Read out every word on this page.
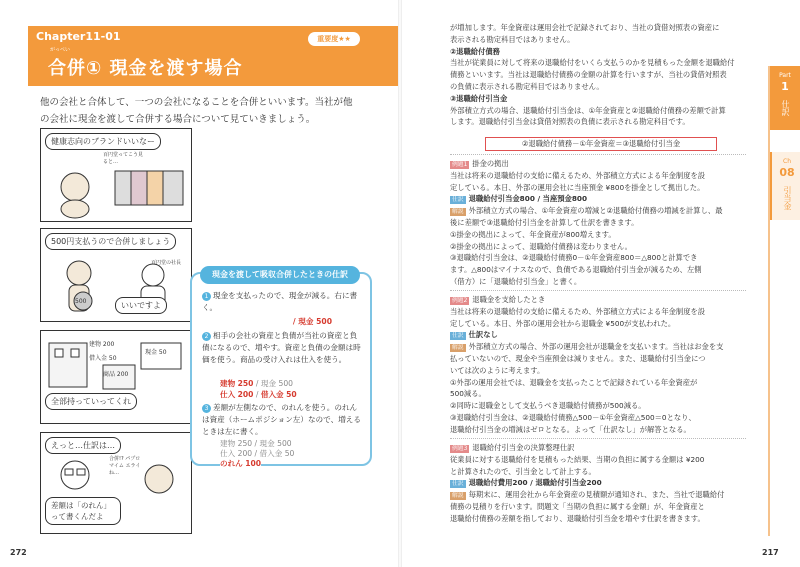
Chapter11-01	重要度★★
がっぺい
合併① 現金を渡す場合
他の会社と合体して、一つの会社になることを合併といいます。当社が他
の会社に現金を渡して合併する場合について見ていきましょう。
健康志向のブランドいいなー
百円堂ってこう見ると…
500円支払うので合併しましょう
500
百円堂の社長
いいですよ
建物 200
借入金 50
商品 200
現金 50
全部持っていってくれ
えっと…仕訳は…
合併!? パプロマイム エライね…
差額は「のれん」って書くんだよ
現金を渡して吸収合併したときの仕訳
1 現金を支払ったので、現金が減る。右に書く。
/ 現金 500
2 相手の会社の資産と負債が当社の資産と負債になるので、増やす。資産と負債の金額は時価を使う。商品の受け入れは仕入を使う。
建物 250 / 現金 500
仕入 200 / 借入金 50
3 差額が左側なので、のれんを使う。のれんは資産（ホームポジション左）なので、増えるときは左に書く。
建物 250 / 現金 500
仕入 200 / 借入金 50
のれん 100
272
が増加します。年金資産は運用会社で記録されており、当社の貸借対照表の資産に
表示される勘定科目ではありません。
②退職給付債務
当社が従業員に対して将来の退職給付をいくら支払うのかを見積もった金額を退職給付
債務といいます。当社は退職給付債務の金額の計算を行いますが、当社の貸借対照表
の負債に表示される勘定科目ではありません。
③退職給付引当金
外部積立方式の場合、退職給付引当金は、①年金資産と②退職給付債務の差額で計算
します。退職給付引当金は貸借対照表の負債に表示される勘定科目です。
②退職給付債務－①年金資産＝③退職給付引当金
例題1 掛金の拠出
当社は将来の退職給付の支給に備えるため、外部積立方式による年金制度を設
定している。本日、外部の運用会社に当座預金 ¥800を掛金として拠出した。
仕訳 退職給付引当金800 / 当座預金800
解説 外部積立方式の場合、①年金資産の増減と②退職給付債務の増減を計算し、最
後に差額で③退職給付引当金を計算して仕訳を書きます。
①掛金の拠出によって、年金資産が800増えます。
②掛金の拠出によって、退職給付債務は変わりません。
③退職給付引当金は、②退職給付債務0－①年金資産800＝△800と計算でき
ます。△800はマイナスなので、負債である退職給付引当金が減るため、左側
（借方）に「退職給付引当金」と書く。
例題2 退職金を支給したとき
当社は将来の退職給付の支給に備えるため、外部積立方式による年金制度を設
定している。本日、外部の運用会社から退職金 ¥500が支払われた。
仕訳 仕訳なし
解説 外部積立方式の場合、外部の運用会社が退職金を支払います。当社はお金を支
払っていないので、現金や当座預金は減りません。また、退職給付引当金につ
いては次のように考えます。
①外部の運用会社では、退職金を支払ったことで記録されている年金資産が
500減る。
②同時に退職金として支払うべき退職給付債務が500減る。
③退職給付引当金は、②退職給付債務△500－①年金資産△500＝0となり、
退職給付引当金の増減はゼロとなる。よって「仕訳なし」が解答となる。
例題3 退職給付引当金の決算整理仕訳
従業員に対する退職給付を見積もった結果、当期の負担に属する金額は ¥200
と計算されたので、引当金として計上する。
仕訳 退職給付費用200 / 退職給付引当金200
解説 毎期末に、運用会社から年金資産の見積額が通知され、また、当社で退職給付
債務の見積りを行います。問題文「当期の負担に属する金額」が、年金資産と
退職給付債務の差額を指しており、退職給付引当金を増やす仕訳を書きます。
217
Part
1
仕訳
Ch
08
引当金
